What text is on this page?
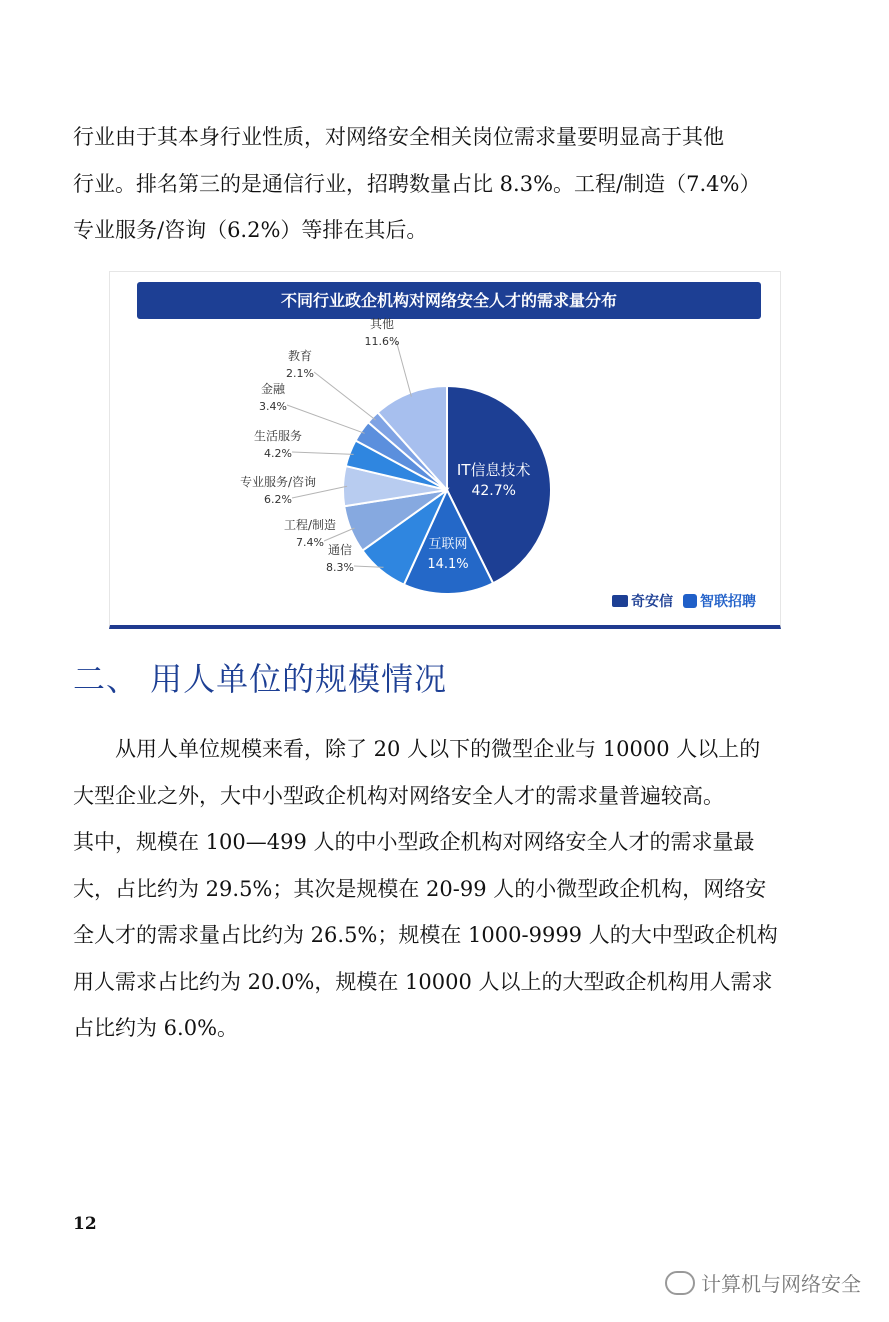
行业由于其本身行业性质，对网络安全相关岗位需求量要明显高于其他

行业。排名第三的是通信行业，招聘数量占比 8.3%。工程/制造（7.4%）

专业服务/咨询（6.2%）等排在其后。

不同行业政企机构对网络安全人才的需求量分布
IT信息技术
42.7%
互联网
14.1%
通信
8.3%
工程/制造
7.4%
专业服务/咨询
6.2%
生活服务
4.2%
金融
3.4%
教育
2.1%
其他
11.6%
奇安信 智联招聘
二、 用人单位的规模情况

从用人单位规模来看，除了 20 人以下的微型企业与 10000 人以上的

大型企业之外，大中小型政企机构对网络安全人才的需求量普遍较高。

其中，规模在 100—499 人的中小型政企机构对网络安全人才的需求量最

大，占比约为 29.5%；其次是规模在 20-99 人的小微型政企机构，网络安

全人才的需求量占比约为 26.5%；规模在 1000-9999 人的大中型政企机构

用人需求占比约为 20.0%，规模在 10000 人以上的大型政企机构用人需求

占比约为 6.0%。

12
计算机与网络安全
